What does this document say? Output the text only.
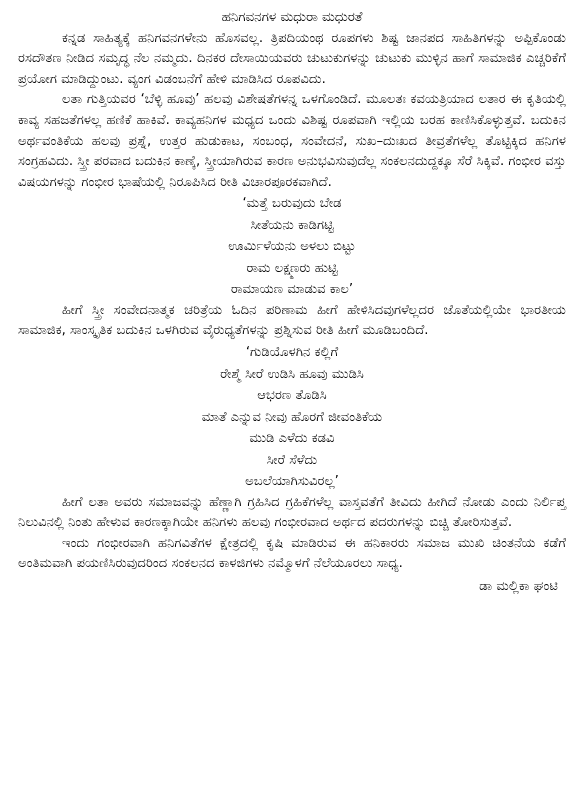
ಹನಿಗವನಗಳ ಮಧುರಾ ಮಧುರತೆ

ಕನ್ನಡ ಸಾಹಿತ್ಯಕ್ಕೆ ಹನಿಗವನಗಳೇನು ಹೊಸವಲ್ಲ. ತ್ರಿಪದಿಯಂಥ ರೂಪಗಳು ಶಿಷ್ಟ ಜಾನಪದ ಸಾಹಿತಿಗಳನ್ನು ಅಪ್ಪಿಕೊಂಡು ರಸದೌತಣ ನೀಡಿದ ಸಮೃದ್ಧ ನೆಲ ನಮ್ಮದು. ದಿನಕರ ದೇಸಾಯಿಯವರು ಚುಟುಕುಗಳನ್ನು ಚುಟುಕು ಮುಳ್ಳಿನ ಹಾಗೆ ಸಾಮಾಜಿಕ ಎಚ್ಚರಿಕೆಗೆ ಪ್ರಯೋಗ ಮಾಡಿದ್ದುಂಟು. ವ್ಯಂಗ ವಿಡಂಬನೆಗೆ ಹೇಳಿ ಮಾಡಿಸಿದ ರೂಪವಿದು.

ಲತಾ ಗುತ್ತಿಯವರ ‘ಬೆಳ್ಳಿ ಹೂವು’ ಹಲವು ವಿಶೇಷತೆಗಳನ್ನ ಒಳಗೊಂಡಿದೆ. ಮೂಲತಃ ಕವಯತ್ರಿಯಾದ ಲತಾರ ಈ ಕೃತಿಯಲ್ಲಿ ಕಾವ್ಯ ಸಹಜತೆಗಳಲ್ಲ ಹಣಿಕೆ ಹಾಕಿವೆ. ಕಾವ್ಯಹನಿಗಳ ಮಧ್ಯದ ಒಂದು ವಿಶಿಷ್ಟ ರೂಪವಾಗಿ ಇಲ್ಲಿಯ ಬರಹ ಕಾಣಿಸಿಕೊಳ್ಳುತ್ತವೆ. ಬದುಕಿನ ಅರ್ಥವಂತಿಕೆಯ ಹಲವು ಪ್ರಶ್ನೆ, ಉತ್ತರ ಹುಡುಕಾಟ, ಸಂಬಂಧ, ಸಂವೇದನೆ, ಸುಖ–ದುಃಖದ ತೀವ್ರತೆಗಳೆಲ್ಲ ತೊಟ್ಟಿಕ್ಕಿದ ಹನಿಗಳ ಸಂಗ್ರಹವಿದು. ಸ್ತ್ರೀ ಪರವಾದ ಬದುಕಿನ ಕಾಣ್ಕೆ, ಸ್ತ್ರೀಯಾಗಿರುವ ಕಾರಣ ಅನುಭವಿಸುವುದೆಲ್ಲ ಸಂಕಲನದುದ್ದಕ್ಕೂ ಸೆರೆ ಸಿಕ್ಕಿವೆ. ಗಂಭೀರ ವಸ್ತು ವಿಷಯಗಳನ್ನು ಗಂಭೀರ ಭಾಷೆಯಲ್ಲಿ ನಿರೂಪಿಸಿದ ರೀತಿ ವಿಚಾರಪೂರಕವಾಗಿದೆ.

‘ಮತ್ತೆ ಬರುವುದು ಬೇಡ
ಸೀತೆಯನು ಕಾಡಿಗಟ್ಟಿ
ಊರ್ಮಿಳೆಯನು ಅಳಲು ಬಿಟ್ಟು
ರಾಮ ಲಕ್ಷ್ಮಣರು ಹುಟ್ಟಿ
ರಾಮಾಯಣ ಮಾಡುವ ಕಾಲ’

ಹೀಗೆ ಸ್ತ್ರೀ ಸಂವೇದನಾತ್ಮಕ ಚರಿತ್ರೆಯ ಓದಿನ ಪರಿಣಾಮ ಹೀಗೆ ಹೇಳಿಸಿದವುಗಳೆಲ್ಲದರ ಜೊತೆಯಲ್ಲಿಯೇ ಭಾರತೀಯ ಸಾಮಾಜಿಕ, ಸಾಂಸ್ಕೃತಿಕ ಬದುಕಿನ ಒಳಗಿರುವ ವೈರುಧ್ಯತೆಗಳನ್ನು ಪ್ರಶ್ನಿಸುವ ರೀತಿ ಹೀಗೆ ಮೂಡಿಬಂದಿದೆ.

‘ಗುಡಿಯೊಳಗಿನ ಕಲ್ಲಿಗೆ
ರೇಶ್ಮೆ ಸೀರೆ ಉಡಿಸಿ ಹೂವು ಮುಡಿಸಿ
ಆಭರಣ ತೊಡಿಸಿ
ಮಾತೆ ಎನ್ನುವ ನೀವು ಹೊರಗೆ ಜೀವಂತಿಕೆಯ
ಮುಡಿ ಎಳೆದು ಕಡವಿ
ಸೀರೆ ಸೆಳೆದು
ಅಬಲೆಯಾಗಿಸುವಿರಲ್ಲ’

ಹೀಗೆ ಲತಾ ಅವರು ಸಮಾಜವನ್ನು ಹೆಣ್ಣಾಗಿ ಗ್ರಹಿಸಿದ ಗ್ರಹಿಕೆಗಳೆಲ್ಲ ವಾಸ್ತವತೆಗೆ ತೀವಿದು ಹೀಗಿದೆ ನೋಡು ಎಂದು ನಿರ್ಲಿಪ್ತ ನಿಲುವಿನಲ್ಲಿ ನಿಂತು ಹೇಳುವ ಕಾರಣಕ್ಕಾಗಿಯೇ ಹನಿಗಳು ಹಲವು ಗಂಭೀರವಾದ ಅರ್ಥದ ಪದರುಗಳನ್ನು ಬಿಚ್ಚಿ ತೋರಿಸುತ್ತವೆ.

ಇಂದು ಗಂಭೀರವಾಗಿ ಹನಿಗವಿತೆಗಳ ಕ್ಷೇತ್ರದಲ್ಲಿ ಕೃಷಿ ಮಾಡಿರುವ ಈ ಹನಿಕಾರರು ಸಮಾಜ ಮುಖಿ ಚಿಂತನೆಯ ಕಡೆಗೆ ಅಂತಿಮವಾಗಿ ಪಯಣಿಸಿರುವುದರಿಂದ ಸಂಕಲನದ ಕಾಳಜಿಗಳು ನಮ್ಮೊಳಗೆ ನೆಲೆಯೂರಲು ಸಾಧ್ಯ.

ಡಾ ಮಲ್ಲಿಕಾ ಘಂಟಿ
